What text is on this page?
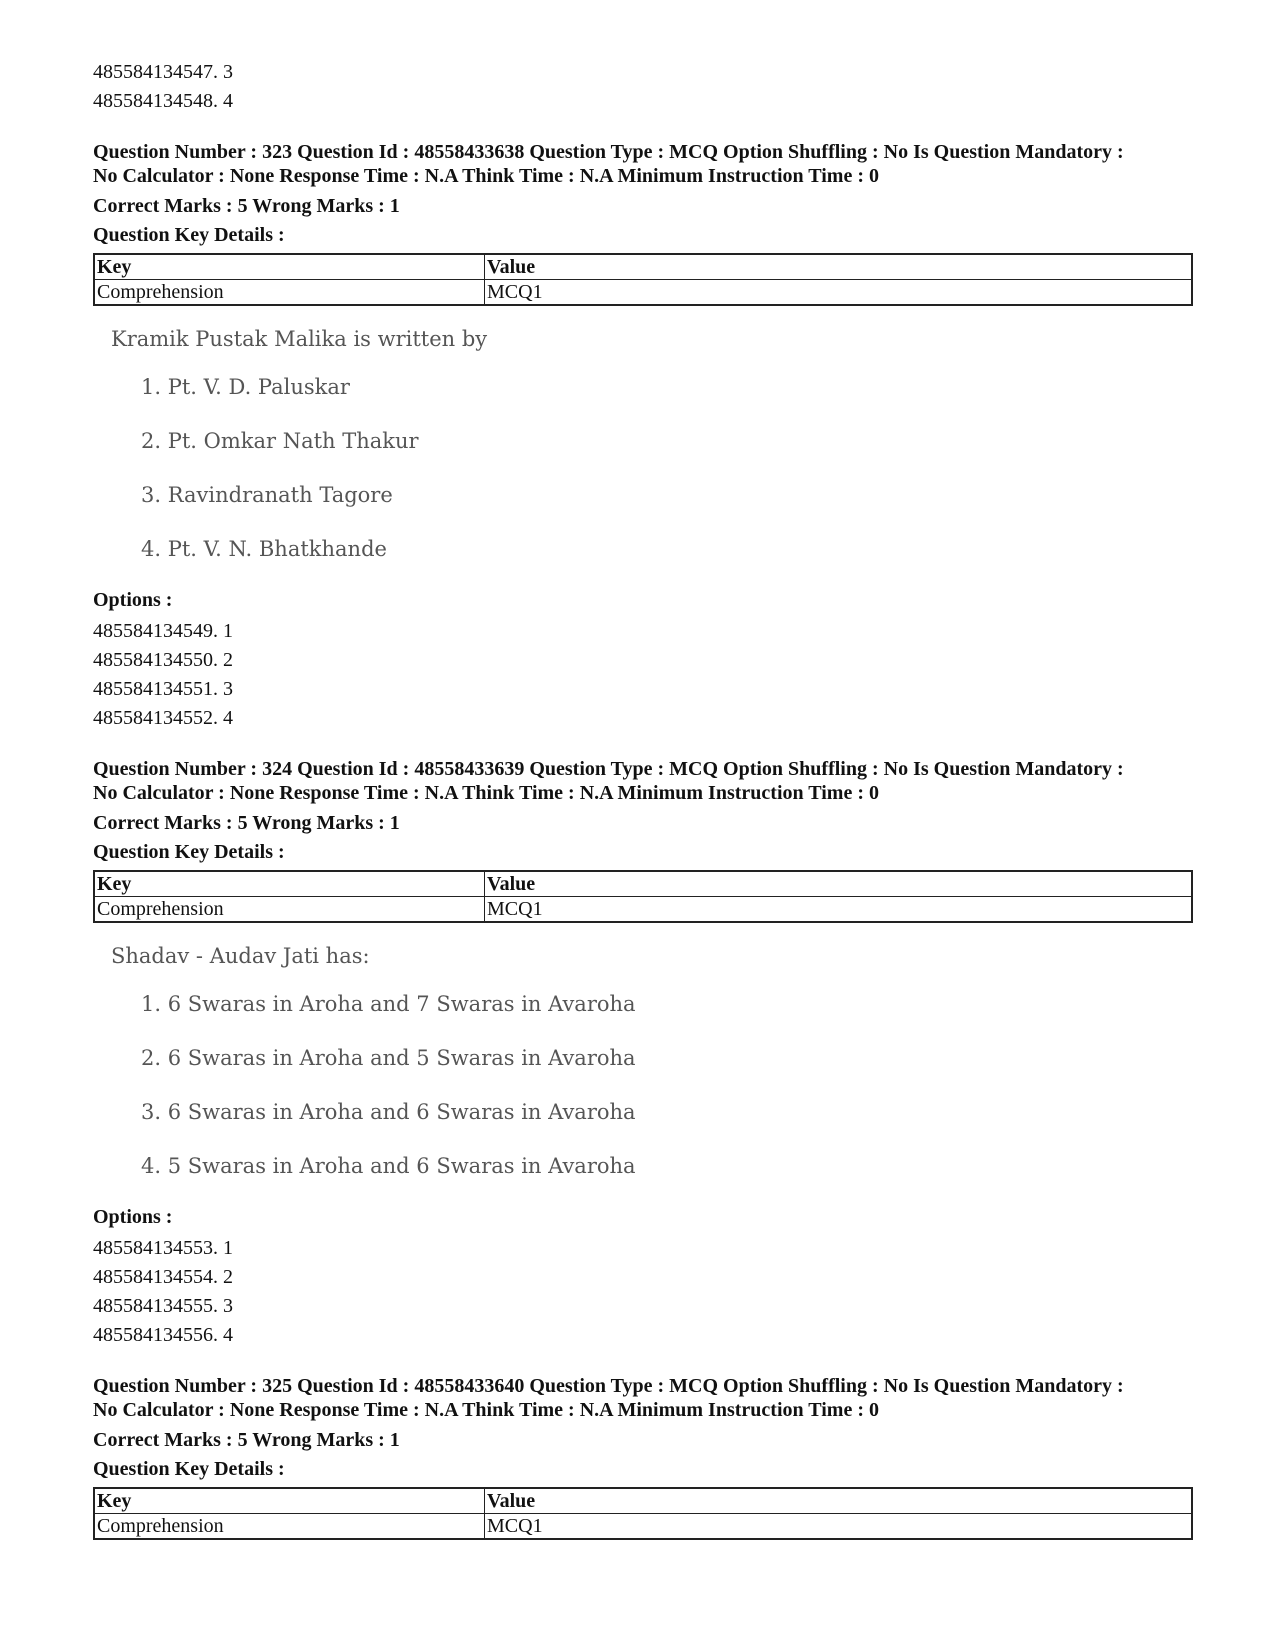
485584134547. 3
485584134548. 4
Question Number : 323 Question Id : 48558433638 Question Type : MCQ Option Shuffling : No Is Question Mandatory :
No Calculator : None Response Time : N.A Think Time : N.A Minimum Instruction Time : 0
Correct Marks : 5 Wrong Marks : 1
Question Key Details :
Key	Value
Comprehension	MCQ1
Kramik Pustak Malika is written by
1. Pt. V. D. Paluskar
2. Pt. Omkar Nath Thakur
3. Ravindranath Tagore
4. Pt. V. N. Bhatkhande
Options :
485584134549. 1
485584134550. 2
485584134551. 3
485584134552. 4
Question Number : 324 Question Id : 48558433639 Question Type : MCQ Option Shuffling : No Is Question Mandatory :
No Calculator : None Response Time : N.A Think Time : N.A Minimum Instruction Time : 0
Correct Marks : 5 Wrong Marks : 1
Question Key Details :
Key	Value
Comprehension	MCQ1
Shadav - Audav Jati has:
1. 6 Swaras in Aroha and 7 Swaras in Avaroha
2. 6 Swaras in Aroha and 5 Swaras in Avaroha
3. 6 Swaras in Aroha and 6 Swaras in Avaroha
4. 5 Swaras in Aroha and 6 Swaras in Avaroha
Options :
485584134553. 1
485584134554. 2
485584134555. 3
485584134556. 4
Question Number : 325 Question Id : 48558433640 Question Type : MCQ Option Shuffling : No Is Question Mandatory :
No Calculator : None Response Time : N.A Think Time : N.A Minimum Instruction Time : 0
Correct Marks : 5 Wrong Marks : 1
Question Key Details :
Key	Value
Comprehension	MCQ1
